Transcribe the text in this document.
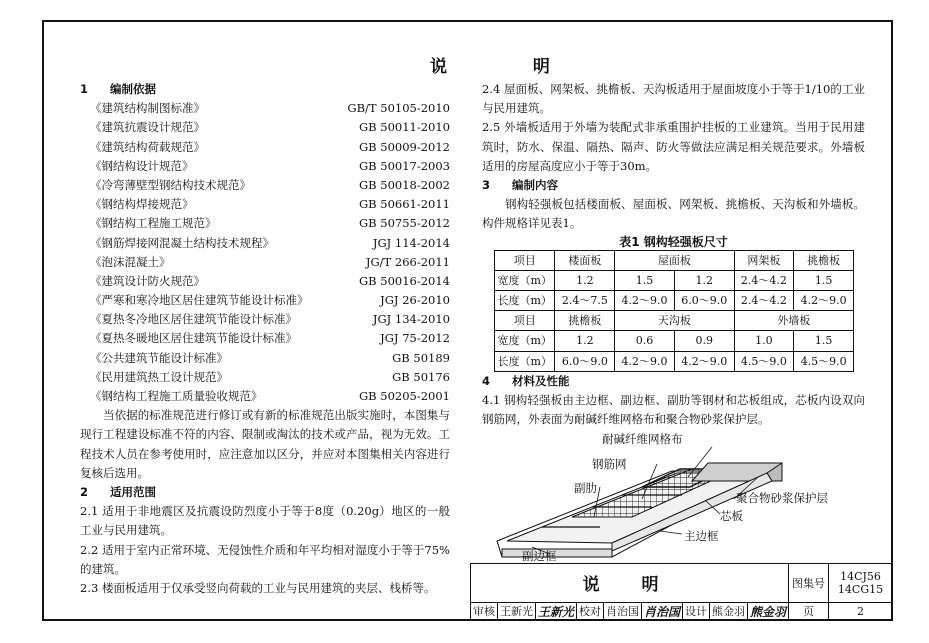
说 明
1 编制依据
《建筑结构制图标准》	GB/T 50105-2010
《建筑抗震设计规范》	GB 50011-2010
《建筑结构荷载规范》	GB 50009-2012
《钢结构设计规范》	GB 50017-2003
《冷弯薄壁型钢结构技术规范》	GB 50018-2002
《钢结构焊接规范》	GB 50661-2011
《钢结构工程施工规范》	GB 50755-2012
《钢筋焊接网混凝土结构技术规程》	JGJ 114-2014
《泡沫混凝土》	JG/T 266-2011
《建筑设计防火规范》	GB 50016-2014
《严寒和寒冷地区居住建筑节能设计标准》	JGJ 26-2010
《夏热冬冷地区居住建筑节能设计标准》	JGJ 134-2010
《夏热冬暖地区居住建筑节能设计标准》	JGJ 75-2012
《公共建筑节能设计标准》	GB 50189
《民用建筑热工设计规范》	GB 50176
《钢结构工程施工质量验收规范》	GB 50205-2001
当依据的标准规范进行修订或有新的标准规范出版实施时，本图集与现行工程建设标准不符的内容、限制或淘汰的技术或产品，视为无效。工程技术人员在参考使用时，应注意加以区分，并应对本图集相关内容进行复核后选用。
2 适用范围
2.1 适用于非地震区及抗震设防烈度小于等于8度（0.20g）地区的一般工业与民用建筑。
2.2 适用于室内正常环境、无侵蚀性介质和年平均相对湿度小于等于75%的建筑。
2.3 楼面板适用于仅承受竖向荷载的工业与民用建筑的夹层、栈桥等。
2.4 屋面板、网架板、挑檐板、天沟板适用于屋面坡度小于等于1/10的工业与民用建筑。
2.5 外墙板适用于外墙为装配式非承重围护挂板的工业建筑。当用于民用建筑时，防水、保温、隔热、隔声、防火等做法应满足相关规范要求。外墙板适用的房屋高度应小于等于30m。
3 编制内容
钢构轻强板包括楼面板、屋面板、网架板、挑檐板、天沟板和外墙板。构件规格详见表1。
表1 钢构轻强板尺寸
项目	楼面板	屋面板		网架板	挑檐板
宽度（m）	1.2	1.5	1.2	2.4～4.2	1.5
长度（m）	2.4～7.5	4.2～9.0	6.0～9.0	2.4～4.2	4.2～9.0
项目	挑檐板	天沟板		外墙板	
宽度（m）	1.2	0.6	0.9	1.0	1.5
长度（m）	6.0～9.0	4.2～9.0	4.2～9.0	4.5～9.0	4.5～9.0
4 材料及性能
4.1 钢构轻强板由主边框、副边框、副肋等钢材和芯板组成，芯板内设双向钢筋网，外表面为耐碱纤维网格布和聚合物砂浆保护层。
耐碱纤维网格布
钢筋网
副肋
聚合物砂浆保护层
芯板
主边框
副边框
说 明									图集号	14CJ56
14CG15

审核	王新光	王新光	校对	肖治国	肖治国	设计	熊金羽	熊金羽	页	2
